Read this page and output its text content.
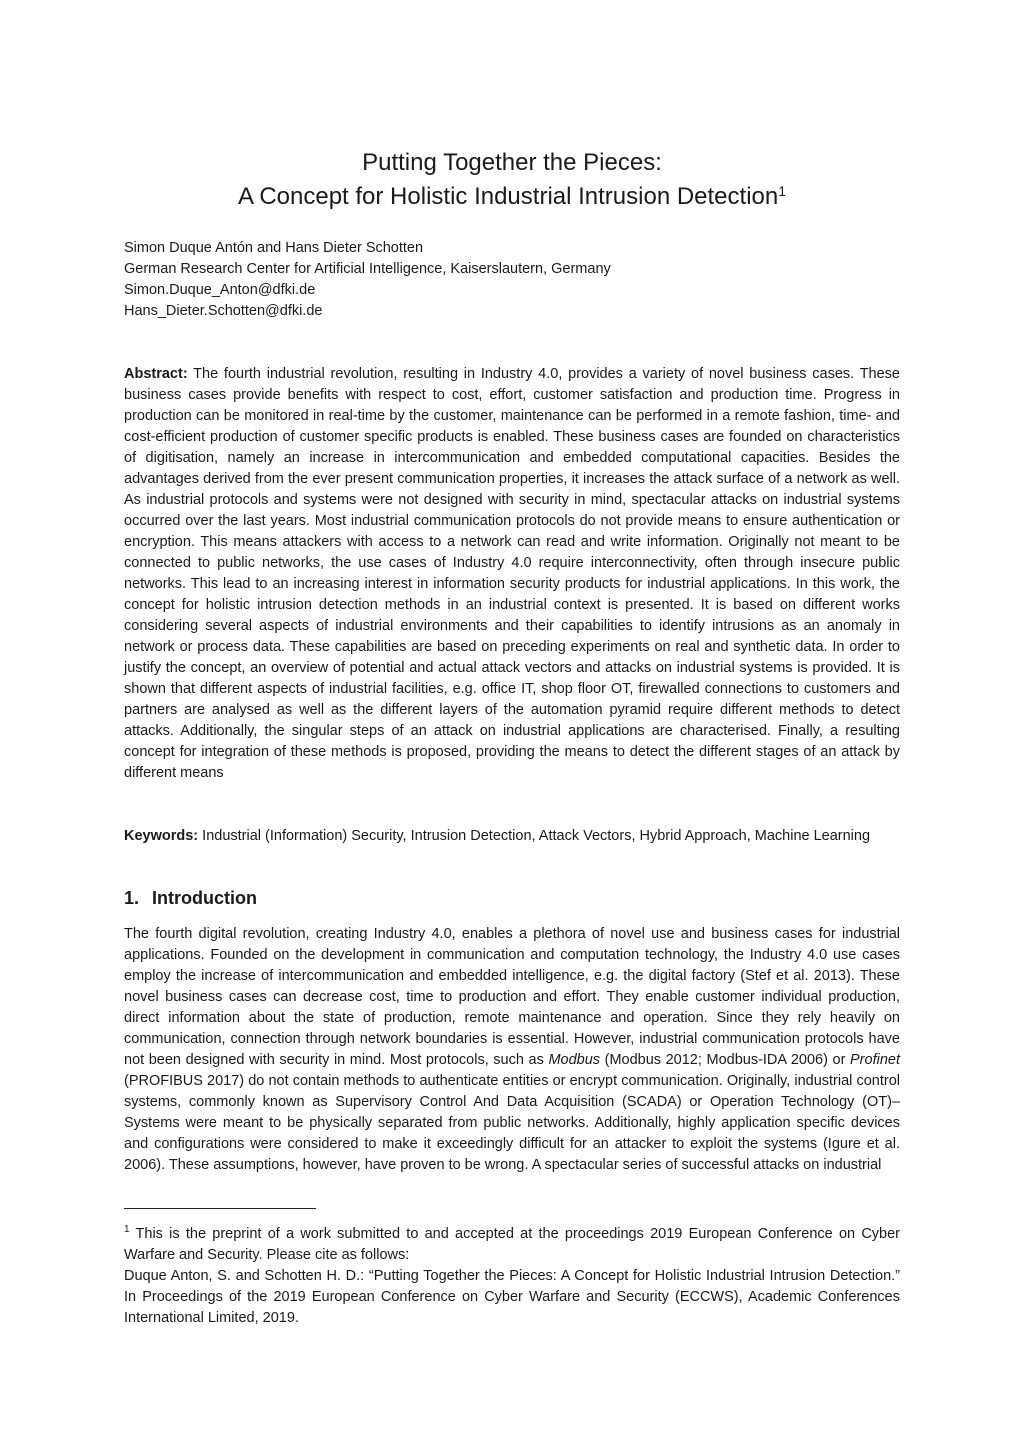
Putting Together the Pieces:
A Concept for Holistic Industrial Intrusion Detection$^1$
Simon Duque Antón and Hans Dieter Schotten
German Research Center for Artificial Intelligence, Kaiserslautern, Germany
Simon.Duque_Anton@dfki.de
Hans_Dieter.Schotten@dfki.de
Abstract: The fourth industrial revolution, resulting in Industry 4.0, provides a variety of novel business cases. These business cases provide benefits with respect to cost, effort, customer satisfaction and production time. Progress in production can be monitored in real-time by the customer, maintenance can be performed in a remote fashion, time- and cost-efficient production of customer specific products is enabled. These business cases are founded on characteristics of digitisation, namely an increase in intercommunication and embedded computational capacities. Besides the advantages derived from the ever present communication properties, it increases the attack surface of a network as well. As industrial protocols and systems were not designed with security in mind, spectacular attacks on industrial systems occurred over the last years. Most industrial communication protocols do not provide means to ensure authentication or encryption. This means attackers with access to a network can read and write information. Originally not meant to be connected to public networks, the use cases of Industry 4.0 require interconnectivity, often through insecure public networks. This lead to an increasing interest in information security products for industrial applications. In this work, the concept for holistic intrusion detection methods in an industrial context is presented. It is based on different works considering several aspects of industrial environments and their capabilities to identify intrusions as an anomaly in network or process data. These capabilities are based on preceding experiments on real and synthetic data. In order to justify the concept, an overview of potential and actual attack vectors and attacks on industrial systems is provided. It is shown that different aspects of industrial facilities, e.g. office IT, shop floor OT, firewalled connections to customers and partners are analysed as well as the different layers of the automation pyramid require different methods to detect attacks. Additionally, the singular steps of an attack on industrial applications are characterised. Finally, a resulting concept for integration of these methods is proposed, providing the means to detect the different stages of an attack by different means
Keywords: Industrial (Information) Security, Intrusion Detection, Attack Vectors, Hybrid Approach, Machine Learning
1. Introduction
The fourth digital revolution, creating Industry 4.0, enables a plethora of novel use and business cases for industrial applications. Founded on the development in communication and computation technology, the Industry 4.0 use cases employ the increase of intercommunication and embedded intelligence, e.g. the digital factory (Stef et al. 2013). These novel business cases can decrease cost, time to production and effort. They enable customer individual production, direct information about the state of production, remote maintenance and operation. Since they rely heavily on communication, connection through network boundaries is essential. However, industrial communication protocols have not been designed with security in mind. Most protocols, such as Modbus (Modbus 2012; Modbus-IDA 2006) or Profinet (PROFIBUS 2017) do not contain methods to authenticate entities or encrypt communication. Originally, industrial control systems, commonly known as Supervisory Control And Data Acquisition (SCADA) or Operation Technology (OT)–Systems were meant to be physically separated from public networks. Additionally, highly application specific devices and configurations were considered to make it exceedingly difficult for an attacker to exploit the systems (Igure et al. 2006). These assumptions, however, have proven to be wrong. A spectacular series of successful attacks on industrial
$^1$ This is the preprint of a work submitted to and accepted at the proceedings 2019 European Conference on Cyber Warfare and Security. Please cite as follows:
Duque Anton, S. and Schotten H. D.: “Putting Together the Pieces: A Concept for Holistic Industrial Intrusion Detection.” In Proceedings of the 2019 European Conference on Cyber Warfare and Security (ECCWS), Academic Conferences International Limited, 2019.
